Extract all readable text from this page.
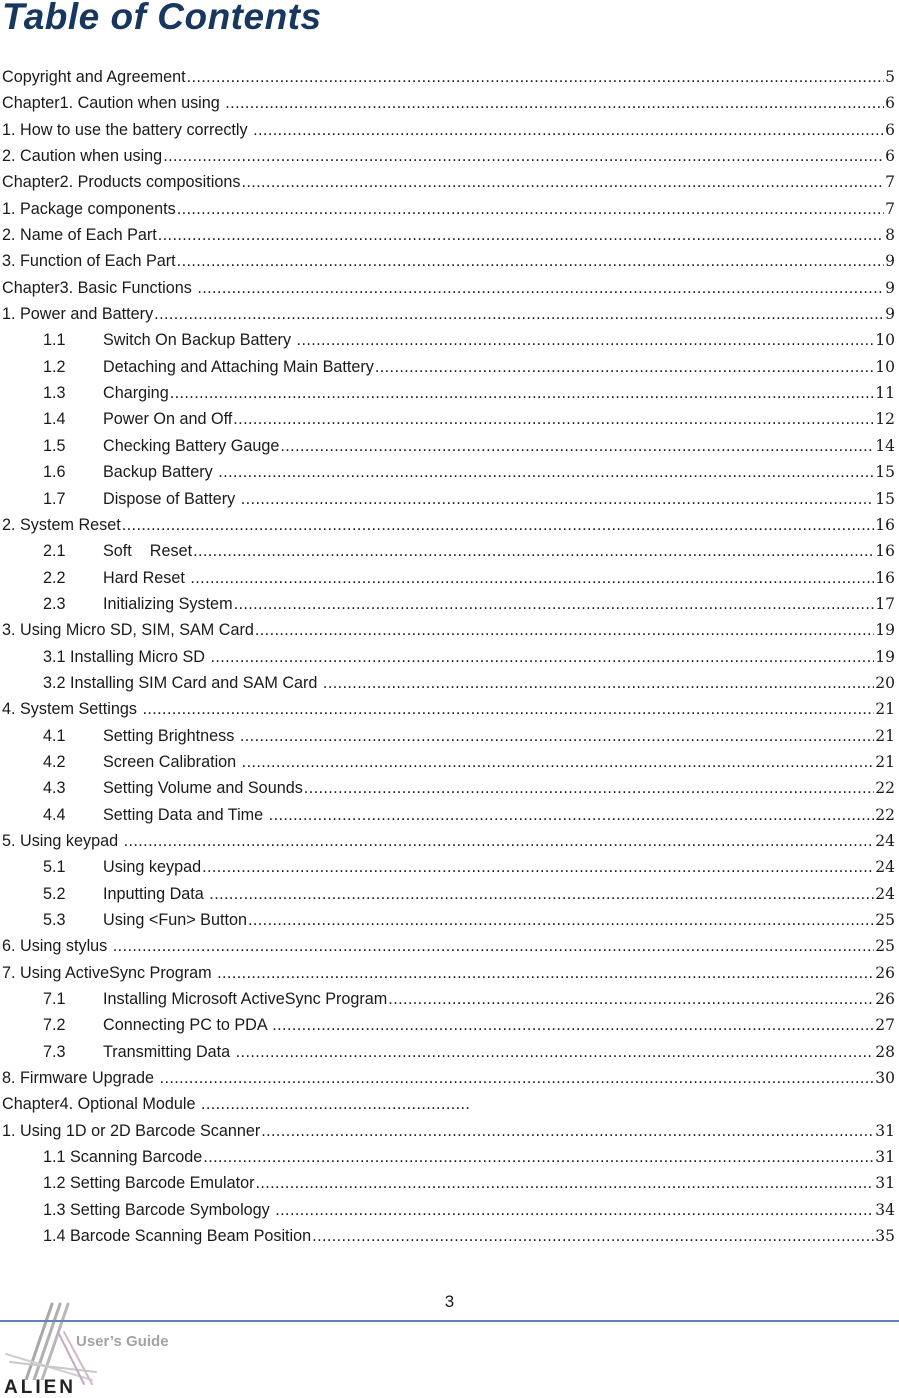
Table of Contents
Copyright and Agreement .....	5
Chapter1. Caution when using .....	6
1. How to use the battery correctly .....	6
2. Caution when using .....	6
Chapter2. Products compositions .....	7
1. Package components .....	7
2. Name of Each Part .....	8
3. Function of Each Part .....	9
Chapter3. Basic Functions .....	9
1. Power and Battery .....	9
1.1	Switch On Backup Battery .....	10
1.2	Detaching and Attaching Main Battery .....	10
1.3	Charging .....	11
1.4	Power On and Off .....	12
1.5	Checking Battery Gauge .....	14
1.6	Backup Battery .....	15
1.7	Dispose of Battery .....	15
2. System Reset .....	16
2.1	Soft    Reset .....	16
2.2	Hard Reset .....	16
2.3	Initializing System .....	17
3. Using Micro SD, SIM, SAM Card .....	19
3.1 Installing Micro SD .....	19
3.2 Installing SIM Card and SAM Card .....	20
4. System Settings .....	21
4.1	Setting Brightness .....	21
4.2	Screen Calibration .....	21
4.3	Setting Volume and Sounds .....	22
4.4	Setting Data and Time .....	22
5. Using keypad .....	24
5.1	Using keypad .....	24
5.2	Inputting Data .....	24
5.3	Using <Fun> Button .....	25
6. Using stylus .....	25
7. Using ActiveSync Program .....	26
7.1	Installing Microsoft ActiveSync Program .....	26
7.2	Connecting PC to PDA .....	27
7.3	Transmitting Data .....	28
8. Firmware Upgrade .....	30
Chapter4. Optional Module
.....
1. Using 1D or 2D Barcode Scanner .....	31
1.1 Scanning Barcode .....	31
1.2 Setting Barcode Emulator .....	31
1.3 Setting Barcode Symbology .....	34
1.4 Barcode Scanning Beam Position .....	35
3
ALIEN
User’s Guide
